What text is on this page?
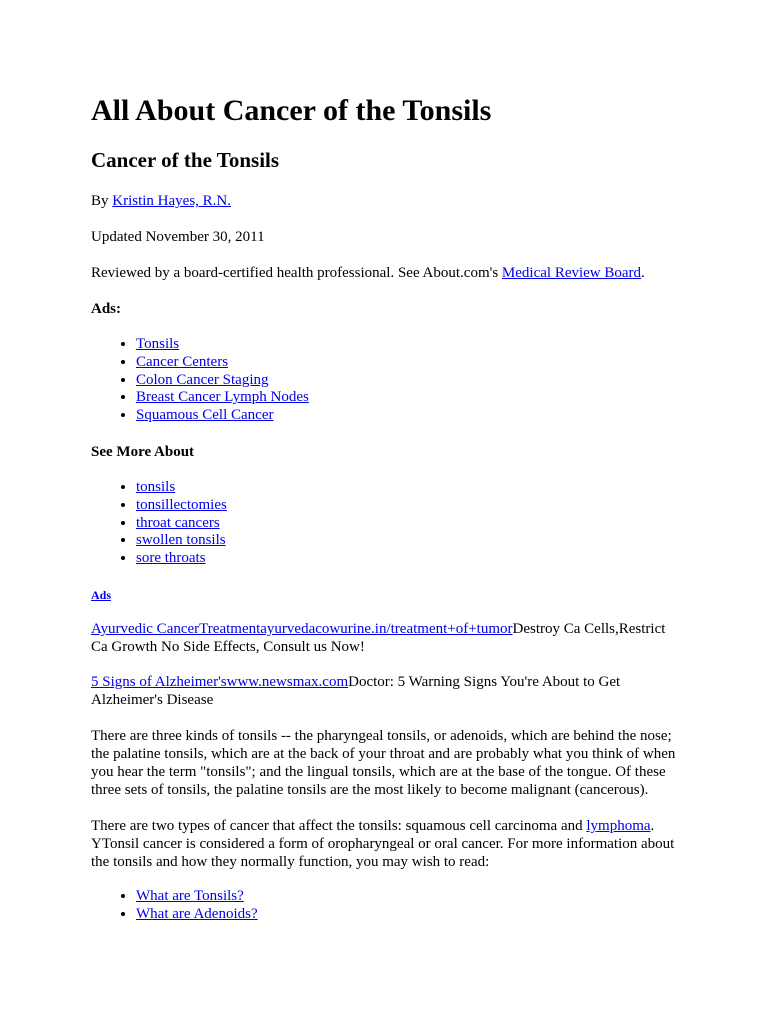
All About Cancer of the Tonsils
Cancer of the Tonsils

By Kristin Hayes, R.N.

Updated November 30, 2011

Reviewed by a board-certified health professional. See About.com's Medical Review Board.

Ads:

• Tonsils
• Cancer Centers
• Colon Cancer Staging
• Breast Cancer Lymph Nodes
• Squamous Cell Cancer

See More About

• tonsils
• tonsillectomies
• throat cancers
• swollen tonsils
• sore throats

Ads

Ayurvedic CancerTreatmentayurvedacowurine.in/treatment+of+tumorDestroy Ca Cells,Restrict Ca Growth No Side Effects, Consult us Now!

5 Signs of Alzheimer'swww.newsmax.comDoctor: 5 Warning Signs You're About to Get Alzheimer's Disease

There are three kinds of tonsils -- the pharyngeal tonsils, or adenoids, which are behind the nose; the palatine tonsils, which are at the back of your throat and are probably what you think of when you hear the term "tonsils"; and the lingual tonsils, which are at the base of the tongue. Of these three sets of tonsils, the palatine tonsils are the most likely to become malignant (cancerous).

There are two types of cancer that affect the tonsils: squamous cell carcinoma and lymphoma. YTonsil cancer is considered a form of oropharyngeal or oral cancer. For more information about the tonsils and how they normally function, you may wish to read:

• What are Tonsils?
• What are Adenoids?
